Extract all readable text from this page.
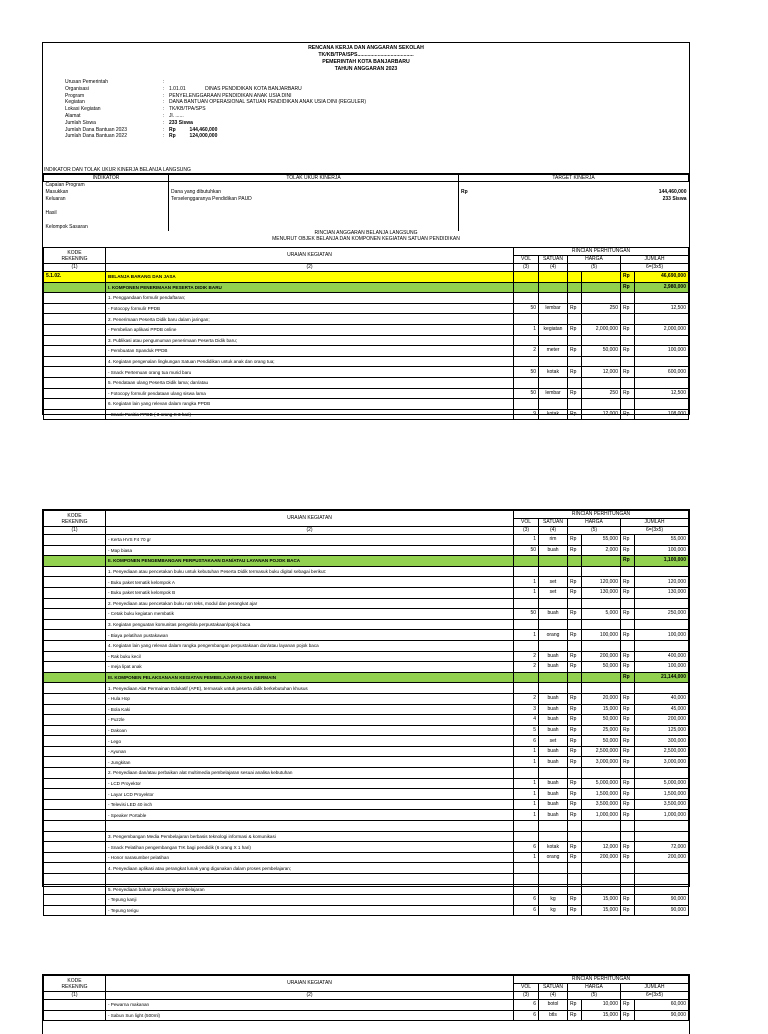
RENCANA KERJA DAN ANGGARAN SEKOLAH
TK/KB/TPA/SPS.......................................
PEMERINTAH KOTA BANJARBARU
TAHUN ANGGARAN 2023
Urusan Pemerintah	:
Organisasi	: 1.01.01              DINAS PENDIDIKAN KOTA BANJARBARU
Program	: PENYELENGGARAAN PENDIDIKAN ANAK USIA DINI
Kegiatan	: DANA BANTUAN OPERASIONAL SATUAN PENDIDIKAN ANAK USIA DINI (REGULER)
Lokasi Kegiatan	: TK/KB/TPA/SPS
Alamat	: Jl. ......
Jumlah Siswa	: 233 Siswa
Jumlah Dana Bantuan 2023	: Rp          144,460,000
Jumlah Dana Bantuan 2022	: Rp          124,000,000
INDIKATOR DAN TOLAK UKUR KINERJA BELANJA LANGSUNG
INDIKATOR	TOLAK UKUR KINERJA	TARGET KINERJA	
Capaian Program			
Masukkan	Dana yang dibutuhkan	Rp	144,460,000
Keluaran	Terselenggaranya Pendidikan PAUD		233 Siswa

Hasil			

Kelompok Sasaran			
RINCIAN ANGGARAN BELANJA LANGSUNG
MENURUT OBJEK BELANJA DAN KOMPONEN KEGIATAN SATUAN PENDIDIKAN
KODE
REKENING	URAIAN KEGIATAN	RINCIAN PERHITUNGAN					
		VOL	SATUAN	HARGA		JUMLAH	
(1)	(2)	(3)	(4)	(5)		6=(3x5)	
5.1.02.	BELANJA BARANG DAN JASA					Rp	46,690,000
	I. KOMPONEN PENERIMAAN PESERTA DIDIK BARU					Rp	2,980,000
	1. Penggandaan formulir pendaftaran;						
	- Fotocopy formulir PPDB	50	lembar	Rp	250	Rp	12,500
	2. Penerimaan Peserta Didik baru dalam jaringan;						
	- Pembelian aplikasi PPDB online	1	kegiatan	Rp	2,000,000	Rp	2,000,000
	3. Publikasi atau pengumuman penerimaan Peserta Didik baru;						
	- Pembuatan Spanduk PPDB	2	meter	Rp	50,000	Rp	100,000
	4. Kegiatan pengenalan lingkungan Satuan Pendidikan untuk anak dan orang tua;						
	- Snack Pertemuan orang tua murid baru	50	kotak	Rp	12,000	Rp	600,000
	5. Pendataan ulang Peserta Didik lama; dan/atau						
	- Fotocopy formulir pendataan ulang siswa lama	50	lembar	Rp	250	Rp	12,500
	6. Kegiatan lain yang relevan dalam rangka PPDB						
	- Snack Panitia PPDB ( 3 orang X 3 hari)	9	kotak	Rp	12,000	Rp	108,000
KODE
REKENING	URAIAN KEGIATAN	RINCIAN PERHITUNGAN					
		VOL	SATUAN	HARGA		JUMLAH	
(1)	(2)	(3)	(4)	(5)		6=(3x5)	
	- Kerta HVS F4 70 gr	1	rim	Rp	55,000	Rp	55,000
	- Map biasa	50	buah	Rp	2,000	Rp	100,000
	II. KOMPONEN PENGEMBANGAN PERPUSTAKAAN DAN/ATAU LAYANAN POJOK BACA					Rp	1,100,000
	1. Penyediaan atau pencetakan buku untuk kebutuhan Peserta Didik termasuk buku digital sebagai berikut:						
	- Buku paket tematik kelompok A	1	set	Rp	120,000	Rp	120,000
	- Buku paket tematik kelompok B	1	set	Rp	130,000	Rp	130,000
	2. Penyediaan atau pencetakan buku non teks, modul dan perangkat ajar						
	- Cetak buku kegiatan membatik	50	buah	Rp	5,000	Rp	250,000
	3. Kegiatan penguatan komunitas pengelola perpustakaan/pojok baca						
	- Biaya pelatihan pustakawan	1	orang	Rp	100,000	Rp	100,000
	4. Kegiatan lain yang relevan dalam rangka pengembangan perpustakaan dan/atau layanan pojok baca						
	- Rak buku kecil	2	buah	Rp	200,000	Rp	400,000
	- meja lipat anak	2	buah	Rp	50,000	Rp	100,000
	III. KOMPONEN PELAKSANAAN KEGIATAN PEMBELAJARAN DAN BERMAIN					Rp	21,144,000
	1. Penyediaan Alat Permainan Edukatif (APE), termasuk untuk peserta didik berkebutuhan khusus						
	- Hula Hop	2	buah	Rp	20,000	Rp	40,000
	- Bola Kaki	3	buah	Rp	15,000	Rp	45,000
	- Puzzle	4	buah	Rp	50,000	Rp	200,000
	- Dakoan	5	buah	Rp	25,000	Rp	125,000
	- Lego	6	set	Rp	50,000	Rp	300,000
	- Ayunan	1	buah	Rp	2,500,000	Rp	2,500,000
	- Jungkitan	1	buah	Rp	3,000,000	Rp	3,000,000
	2. Penyediaan dan/atau perbaikan alat multimedia pembelajaran sesuai analisa kebutuhan						
	- LCD Proyektor	1	buah	Rp	5,000,000	Rp	5,000,000
	- Layar LCD Proyektor	1	buah	Rp	1,500,000	Rp	1,500,000
	- Televisi LED 40 inch	1	buah	Rp	3,500,000	Rp	3,500,000
	- Speaker Portable	1	buah	Rp	1,000,000	Rp	1,000,000

	3. Pengembangan Media Pembelajaran berbasis teknologi informasi & komunikasi						
	- Snack Pelatihan pengembangan TIK bagi pendidik (6 orang X 1 hari)	6	kotak	Rp	12,000	Rp	72,000
	- Honor narasumber pelatihan	1	orang	Rp	200,000	Rp	200,000
	4. Penyediaan aplikasi atau perangkat lunak yang digunakan dalam proses pembelajaran;						

	5. Penyediaan bahan pendukung pembelajaran						
	- Tepung kanji	6	kg	Rp	15,000	Rp	90,000
	- Tepung terigu	6	kg	Rp	15,000	Rp	90,000
KODE
REKENING	URAIAN KEGIATAN	RINCIAN PERHITUNGAN					
		VOL	SATUAN	HARGA		JUMLAH	
(1)	(2)	(3)	(4)	(5)		6=(3x5)	
	- Pewarna makanan	6	botol	Rp	10,000	Rp	60,000
	- Sabun Sun light (500ml)	6	btls	Rp	15,000	Rp	90,000
